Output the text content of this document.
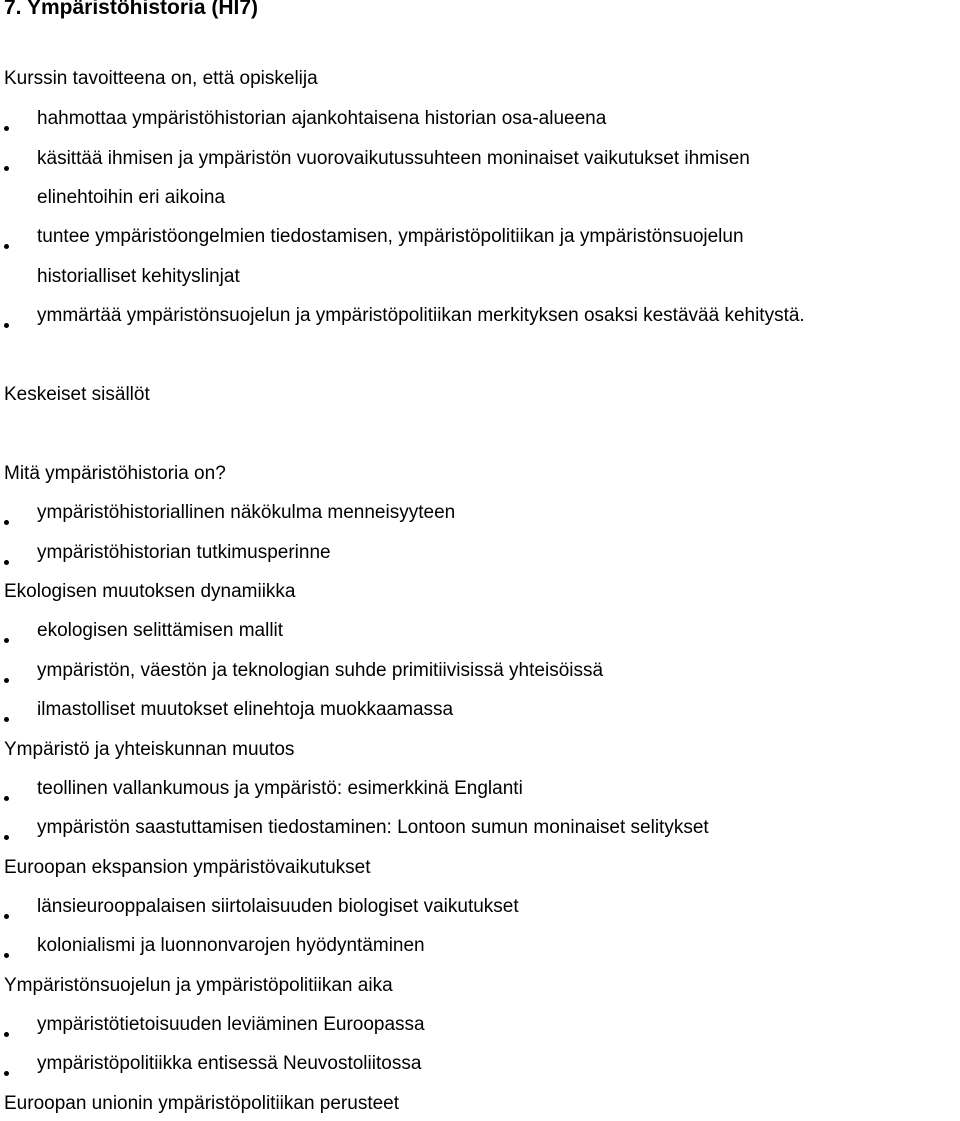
7. Ympäristöhistoria (HI7)
Kurssin tavoitteena on, että opiskelija
hahmottaa ympäristöhistorian ajankohtaisena historian osa-alueena
käsittää ihmisen ja ympäristön vuorovaikutussuhteen moninaiset vaikutukset ihmisen
elinehtoihin eri aikoina
tuntee ympäristöongelmien tiedostamisen, ympäristöpolitiikan ja ympäristönsuojelun
historialliset kehityslinjat
ymmärtää ympäristönsuojelun ja ympäristöpolitiikan merkityksen osaksi kestävää kehitystä.
Keskeiset sisällöt
Mitä ympäristöhistoria on?
ympäristöhistoriallinen näkökulma menneisyyteen
ympäristöhistorian tutkimusperinne
Ekologisen muutoksen dynamiikka
ekologisen selittämisen mallit
ympäristön, väestön ja teknologian suhde primitiivisissä yhteisöissä
ilmastolliset muutokset elinehtoja muokkaamassa
Ympäristö ja yhteiskunnan muutos
teollinen vallankumous ja ympäristö: esimerkkinä Englanti
ympäristön saastuttamisen tiedostaminen: Lontoon sumun moninaiset selitykset
Euroopan ekspansion ympäristövaikutukset
länsieurooppalaisen siirtolaisuuden biologiset vaikutukset
kolonialismi ja luonnonvarojen hyödyntäminen
Ympäristönsuojelun ja ympäristöpolitiikan aika
ympäristötietoisuuden leviäminen Euroopassa
ympäristöpolitiikka entisessä Neuvostoliitossa
Euroopan unionin ympäristöpolitiikan perusteet
